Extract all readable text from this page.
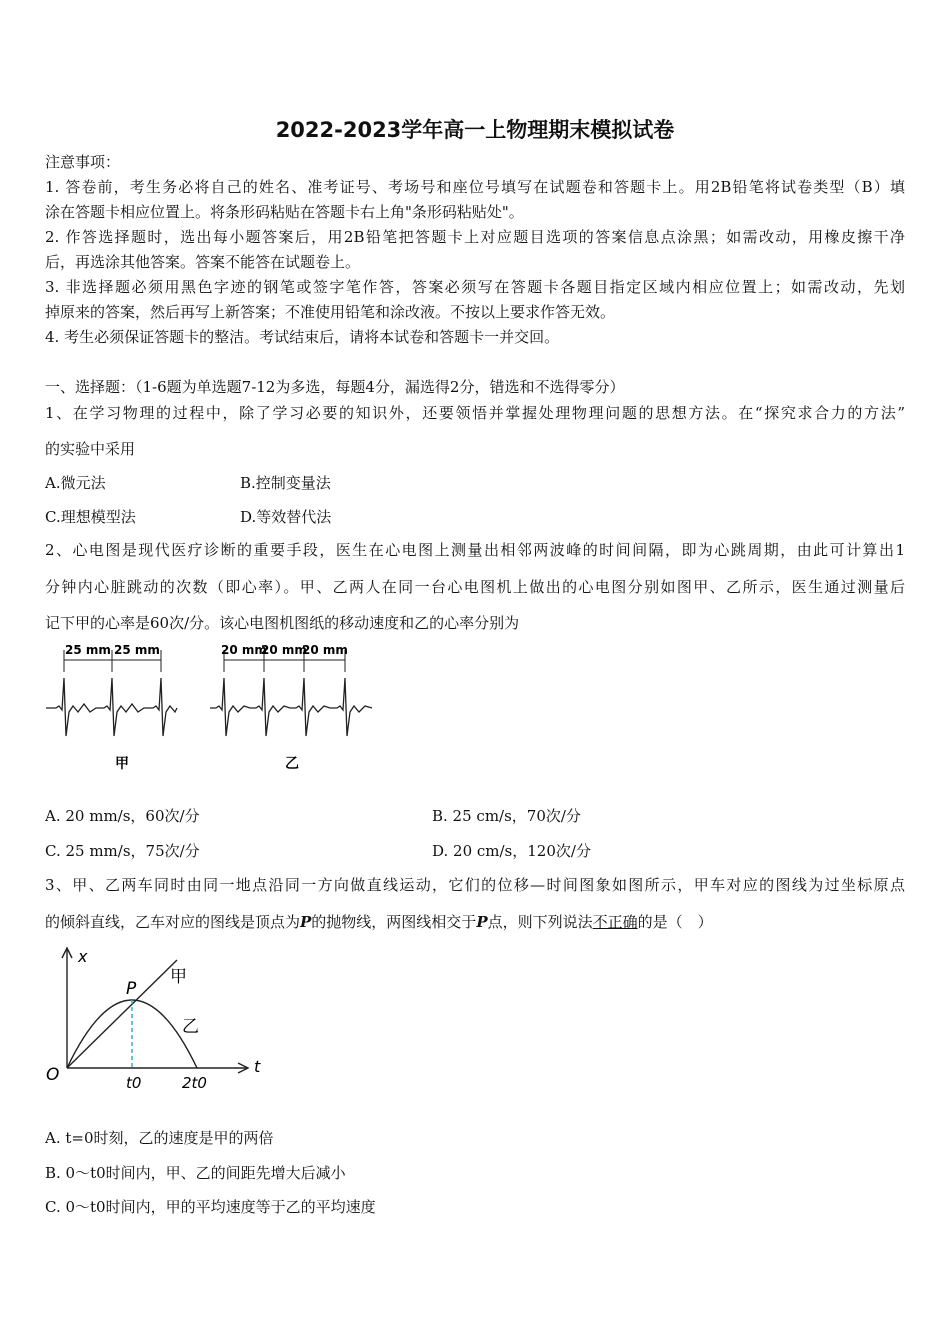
2022-2023学年高一上物理期末模拟试卷
注意事项：
1. 答卷前，考生务必将自己的姓名、准考证号、考场号和座位号填写在试题卷和答题卡上。用2B铅笔将试卷类型（B）填
涂在答题卡相应位置上。将条形码粘贴在答题卡右上角"条形码粘贴处"。
2. 作答选择题时，选出每小题答案后，用2B铅笔把答题卡上对应题目选项的答案信息点涂黑；如需改动，用橡皮擦干净
后，再选涂其他答案。答案不能答在试题卷上。
3. 非选择题必须用黑色字迹的钢笔或签字笔作答，答案必须写在答题卡各题目指定区域内相应位置上；如需改动，先划
掉原来的答案，然后再写上新答案；不准使用铅笔和涂改液。不按以上要求作答无效。
4. 考生必须保证答题卡的整洁。考试结束后，请将本试卷和答题卡一并交回。
一、选择题：（1-6题为单选题7-12为多选，每题4分，漏选得2分，错选和不选得零分）
1、在学习物理的过程中，除了学习必要的知识外，还要领悟并掌握处理物理问题的思想方法。在“探究求合力的方法”
的实验中采用
A.微元法	B.控制变量法
C.理想模型法	D.等效替代法
2、心电图是现代医疗诊断的重要手段，医生在心电图上测量出相邻两波峰的时间间隔，即为心跳周期，由此可计算出1
分钟内心脏跳动的次数（即心率）。甲、乙两人在同一台心电图机上做出的心电图分别如图甲、乙所示，医生通过测量后
记下甲的心率是60次/分。该心电图机图纸的移动速度和乙的心率分别为
25 mm 25 mm	20 mm
20 mm
20 mm
甲	乙
A. 20 mm/s，60次/分	B. 25 cm/s，70次/分
C. 25 mm/s，75次/分	D. 20 cm/s，120次/分
3、甲、乙两车同时由同一地点沿同一方向做直线运动，它们的位移—时间图象如图所示，甲车对应的图线为过坐标原点
的倾斜直线，乙车对应的图线是顶点为P的抛物线，两图线相交于P点，则下列说法不正确的是（　）
x
t
O
P
t0	2t0
甲
乙
A. t=0时刻，乙的速度是甲的两倍
B. 0～t0时间内，甲、乙的间距先增大后减小
C. 0～t0时间内，甲的平均速度等于乙的平均速度
